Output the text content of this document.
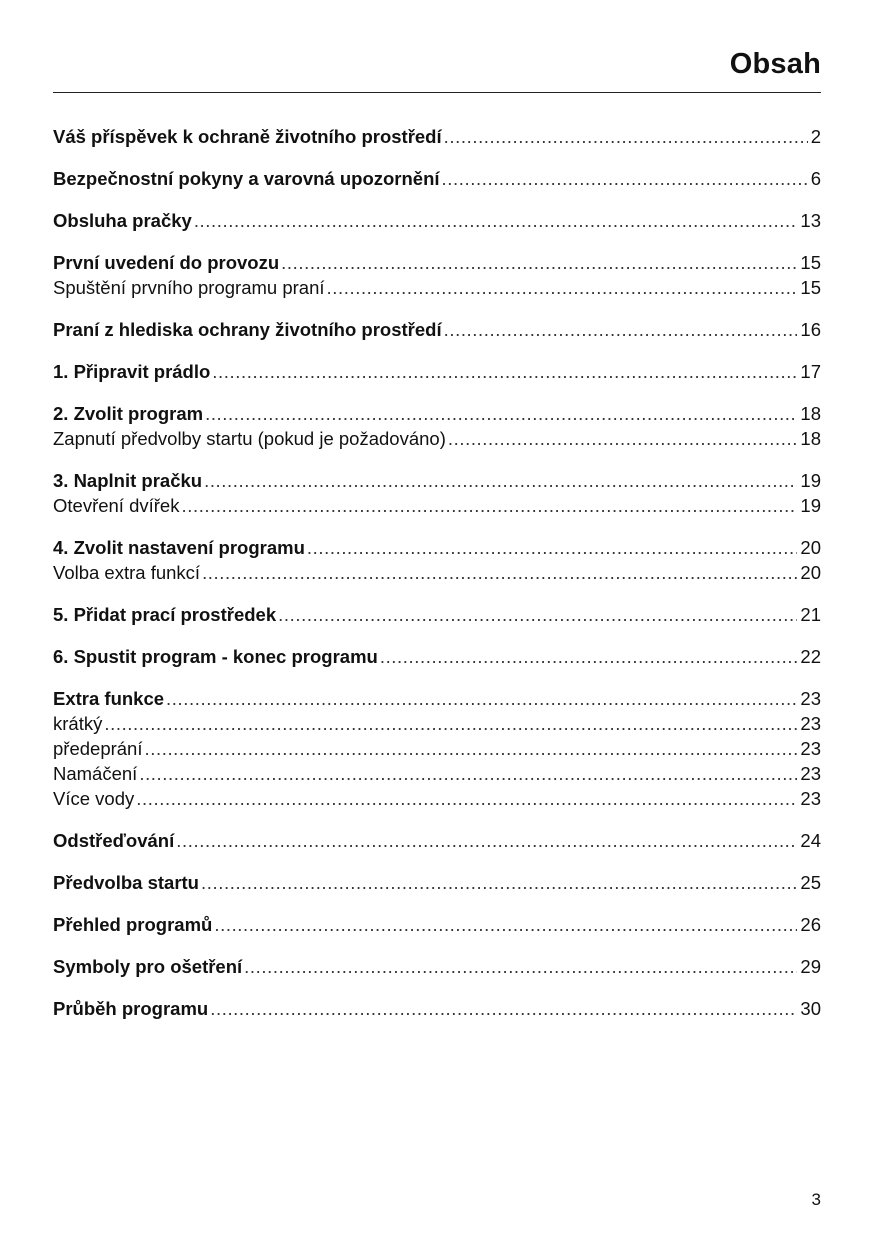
Obsah
Váš příspěvek k ochraně životního prostředí .....	2
Bezpečnostní pokyny a varovná upozornění .....	6
Obsluha pračky .....	13
První uvedení do provozu .....	15
Spuštění prvního programu praní .....	15
Praní z hlediska ochrany životního prostředí .....	16
1. Připravit prádlo .....	17
2. Zvolit program .....	18
Zapnutí předvolby startu (pokud je požadováno) .....	18
3. Naplnit pračku .....	19
Otevření dvířek .....	19
4. Zvolit nastavení programu .....	20
Volba extra funkcí .....	20
5. Přidat prací prostředek .....	21
6. Spustit program - konec programu .....	22
Extra funkce .....	23
krátký .....	23
předeprání .....	23
Namáčení .....	23
Více vody .....	23
Odstřeďování .....	24
Předvolba startu .....	25
Přehled programů .....	26
Symboly pro ošetření .....	29
Průběh programu .....	30
3
